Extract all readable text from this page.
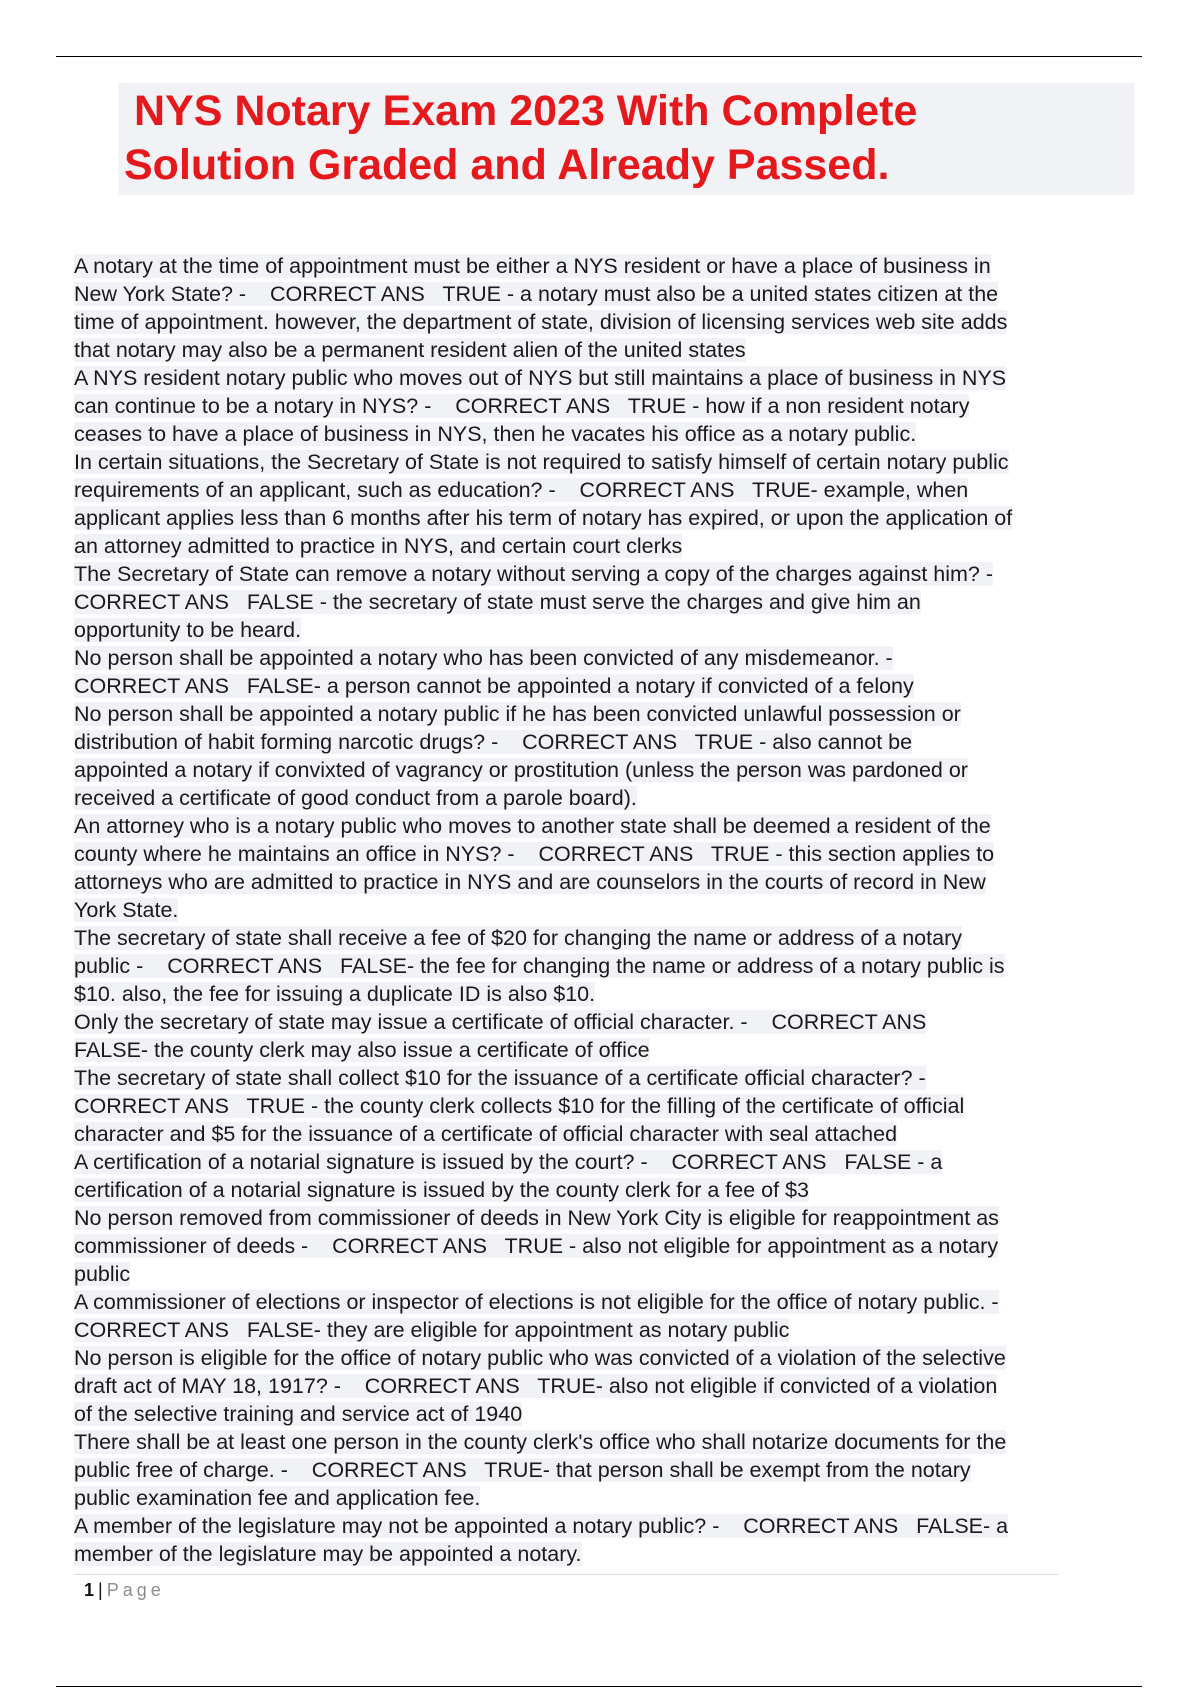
NYS Notary Exam 2023 With Complete
Solution Graded and Already Passed.
A notary at the time of appointment must be either a NYS resident or have a place of business in
New York State? -    CORRECT ANS   TRUE - a notary must also be a united states citizen at the
time of appointment. however, the department of state, division of licensing services web site adds
that notary may also be a permanent resident alien of the united states
A NYS resident notary public who moves out of NYS but still maintains a place of business in NYS
can continue to be a notary in NYS? -    CORRECT ANS   TRUE - how if a non resident notary
ceases to have a place of business in NYS, then he vacates his office as a notary public.
In certain situations, the Secretary of State is not required to satisfy himself of certain notary public
requirements of an applicant, such as education? -    CORRECT ANS   TRUE- example, when
applicant applies less than 6 months after his term of notary has expired, or upon the application of
an attorney admitted to practice in NYS, and certain court clerks
The Secretary of State can remove a notary without serving a copy of the charges against him? -
CORRECT ANS   FALSE - the secretary of state must serve the charges and give him an
opportunity to be heard.
No person shall be appointed a notary who has been convicted of any misdemeanor. -
CORRECT ANS   FALSE- a person cannot be appointed a notary if convicted of a felony
No person shall be appointed a notary public if he has been convicted unlawful possession or
distribution of habit forming narcotic drugs? -    CORRECT ANS   TRUE - also cannot be
appointed a notary if convixted of vagrancy or prostitution (unless the person was pardoned or
received a certificate of good conduct from a parole board).
An attorney who is a notary public who moves to another state shall be deemed a resident of the
county where he maintains an office in NYS? -    CORRECT ANS   TRUE - this section applies to
attorneys who are admitted to practice in NYS and are counselors in the courts of record in New
York State.
The secretary of state shall receive a fee of $20 for changing the name or address of a notary
public -    CORRECT ANS   FALSE- the fee for changing the name or address of a notary public is
$10. also, the fee for issuing a duplicate ID is also $10.
Only the secretary of state may issue a certificate of official character. -    CORRECT ANS
FALSE- the county clerk may also issue a certificate of office
The secretary of state shall collect $10 for the issuance of a certificate official character? -
CORRECT ANS   TRUE - the county clerk collects $10 for the filling of the certificate of official
character and $5 for the issuance of a certificate of official character with seal attached
A certification of a notarial signature is issued by the court? -    CORRECT ANS   FALSE - a
certification of a notarial signature is issued by the county clerk for a fee of $3
No person removed from commissioner of deeds in New York City is eligible for reappointment as
commissioner of deeds -    CORRECT ANS   TRUE - also not eligible for appointment as a notary
public
A commissioner of elections or inspector of elections is not eligible for the office of notary public. -
CORRECT ANS   FALSE- they are eligible for appointment as notary public
No person is eligible for the office of notary public who was convicted of a violation of the selective
draft act of MAY 18, 1917? -    CORRECT ANS   TRUE- also not eligible if convicted of a violation
of the selective training and service act of 1940
There shall be at least one person in the county clerk's office who shall notarize documents for the
public free of charge. -    CORRECT ANS   TRUE- that person shall be exempt from the notary
public examination fee and application fee.
A member of the legislature may not be appointed a notary public? -    CORRECT ANS   FALSE- a
member of the legislature may be appointed a notary.
1 | Page
